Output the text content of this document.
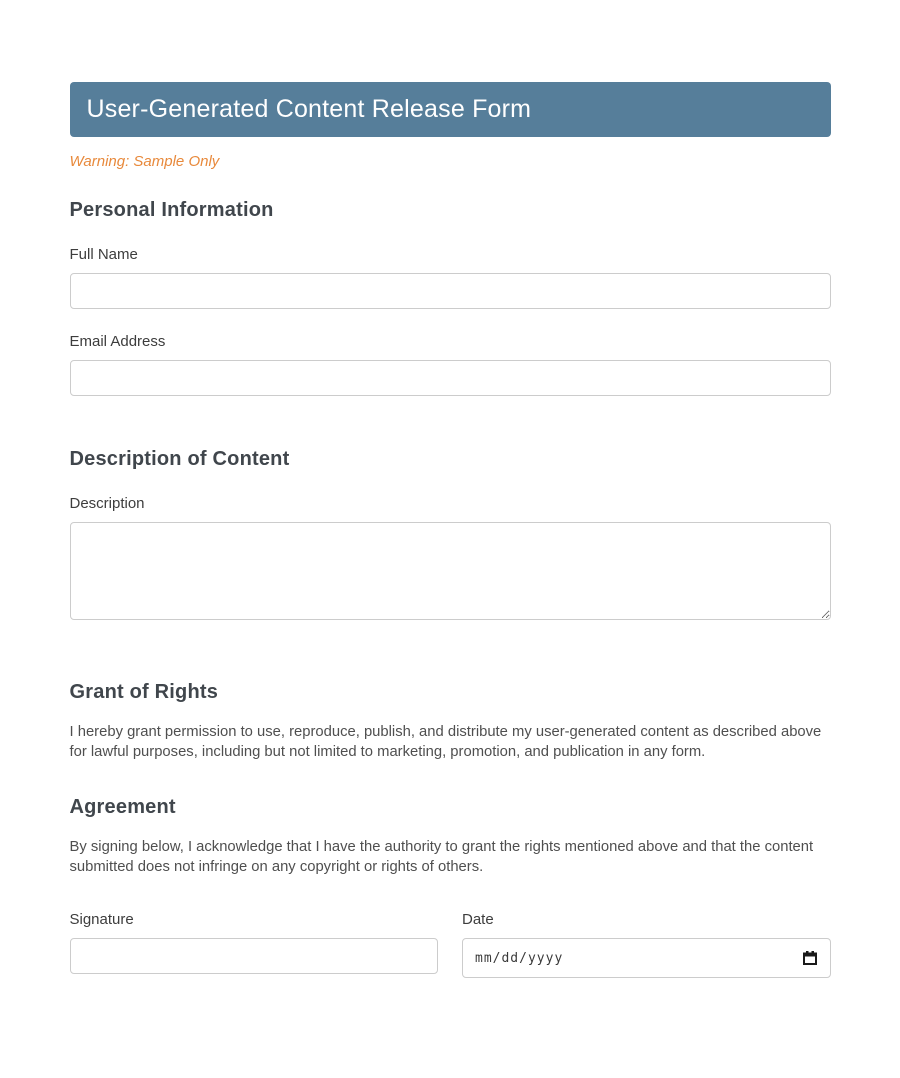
User-Generated Content Release Form
Warning: Sample Only
Personal Information
Full Name
Email Address
Description of Content
Description
Grant of Rights

I hereby grant permission to use, reproduce, publish, and distribute my user-generated content as described above for lawful purposes, including but not limited to marketing, promotion, and publication in any form.

Agreement

By signing below, I acknowledge that I have the authority to grant the rights mentioned above and that the content submitted does not infringe on any copyright or rights of others.

Signature	Date
mm/dd/yyyy
